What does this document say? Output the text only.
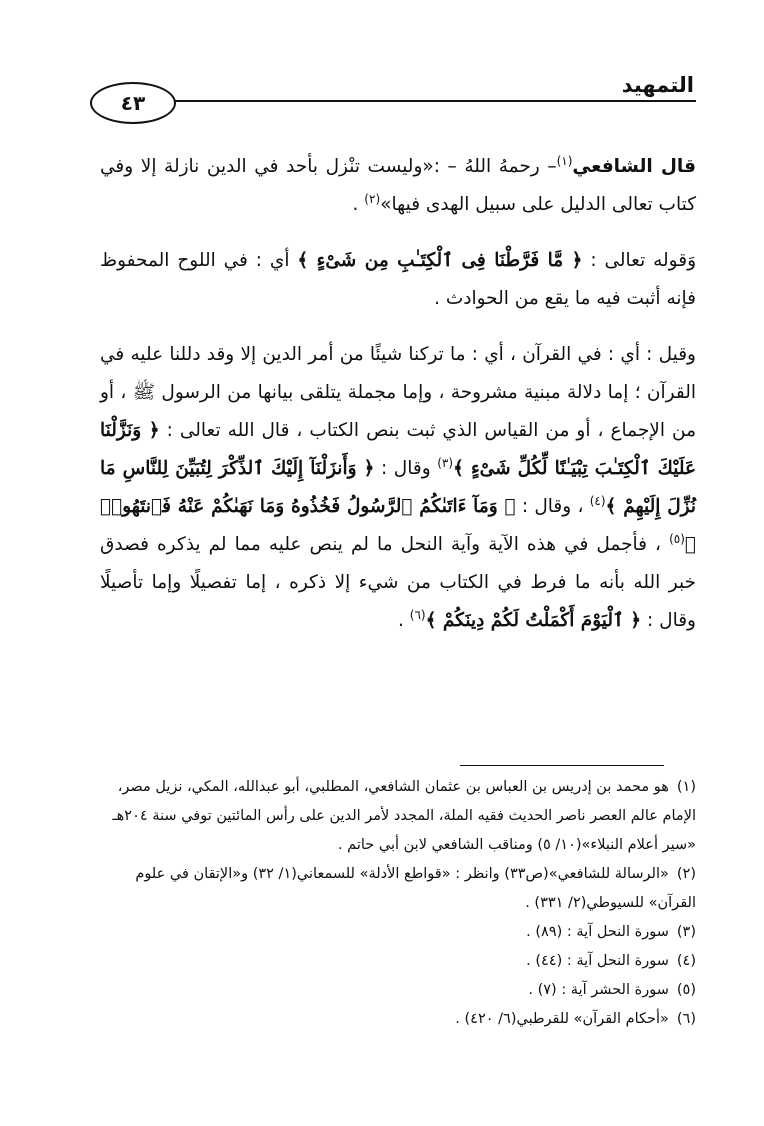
التمهيد
٤٣

قال الشافعي$^{(١)}$– رحمهُ اللهُ – :«وليست تنْزل بأحد في الدين نازلة إلا وفي كتاب تعالى الدليل على سبيل الهدى فيها»$^{(٢)}$ .

وَقوله تعالى : ﴿ مَّا فَرَّطْنَا فِى ٱلْكِتَـٰبِ مِن شَىْءٍ ﴾ أي : في اللوح المحفوظ فإنه أثبت فيه ما يقع من الحوادث .

وقيل : أي : في القرآن ، أي : ما تركنا شيئًا من أمر الدين إلا وقد دللنا عليه في القرآن ؛ إما دلالة مبنية مشروحة ، وإما مجملة يتلقى بيانها من الرسول ﷺ ، أو من الإجماع ، أو من القياس الذي ثبت بنص الكتاب ، قال الله تعالى : ﴿ وَنَزَّلْنَا عَلَيْكَ ٱلْكِتَـٰبَ تِبْيَـٰنًا لِّكُلِّ شَىْءٍ ﴾$^{(٣)}$ وقال : ﴿ وَأَنزَلْنَآ إِلَيْكَ ٱلذِّكْرَ لِتُبَيِّنَ لِلنَّاسِ مَا نُزِّلَ إِلَيْهِمْ ﴾$^{(٤)}$ ، وقال : ﴿ وَمَآ ءَاتَىٰكُمُ ٱلرَّسُولُ فَخُذُوهُ وَمَا نَهَىٰكُمْ عَنْهُ فَٱنتَهُوا۟ ﴾$^{(٥)}$ ، فأجمل في هذه الآية وآية النحل ما لم ينص عليه مما لم يذكره فصدق خبر الله بأنه ما فرط في الكتاب من شيء إلا ذكره ، إما تفصيلًا وإما تأصيلًا وقال : ﴿ ٱلْيَوْمَ أَكْمَلْتُ لَكُمْ دِينَكُمْ ﴾$^{(٦)}$ .

(١)هو محمد بن إدريس بن العباس بن عثمان الشافعي، المطلبي، أبو عبدالله، المكي، نزيل مصر، الإمام عالم العصر ناصر الحديث فقيه الملة، المجدد لأمر الدين على رأس المائتين توفي سنة ٢٠٤هـ «سير أعلام النبلاء»(١٠/ ٥) ومناقب الشافعي لابن أبي حاتم .

(٢)«الرسالة للشافعي»(ص٣٣) وانظر : «قواطع الأدلة» للسمعاني(١/ ٣٢) و«الإتقان في علوم القرآن» للسيوطي(٢/ ٣٣١) .

(٣)سورة النحل آية : (٨٩) .

(٤)سورة النحل آية : (٤٤) .

(٥)سورة الحشر آية : (٧) .

(٦)«أحكام القرآن» للقرطبي(٦/ ٤٢٠) .
